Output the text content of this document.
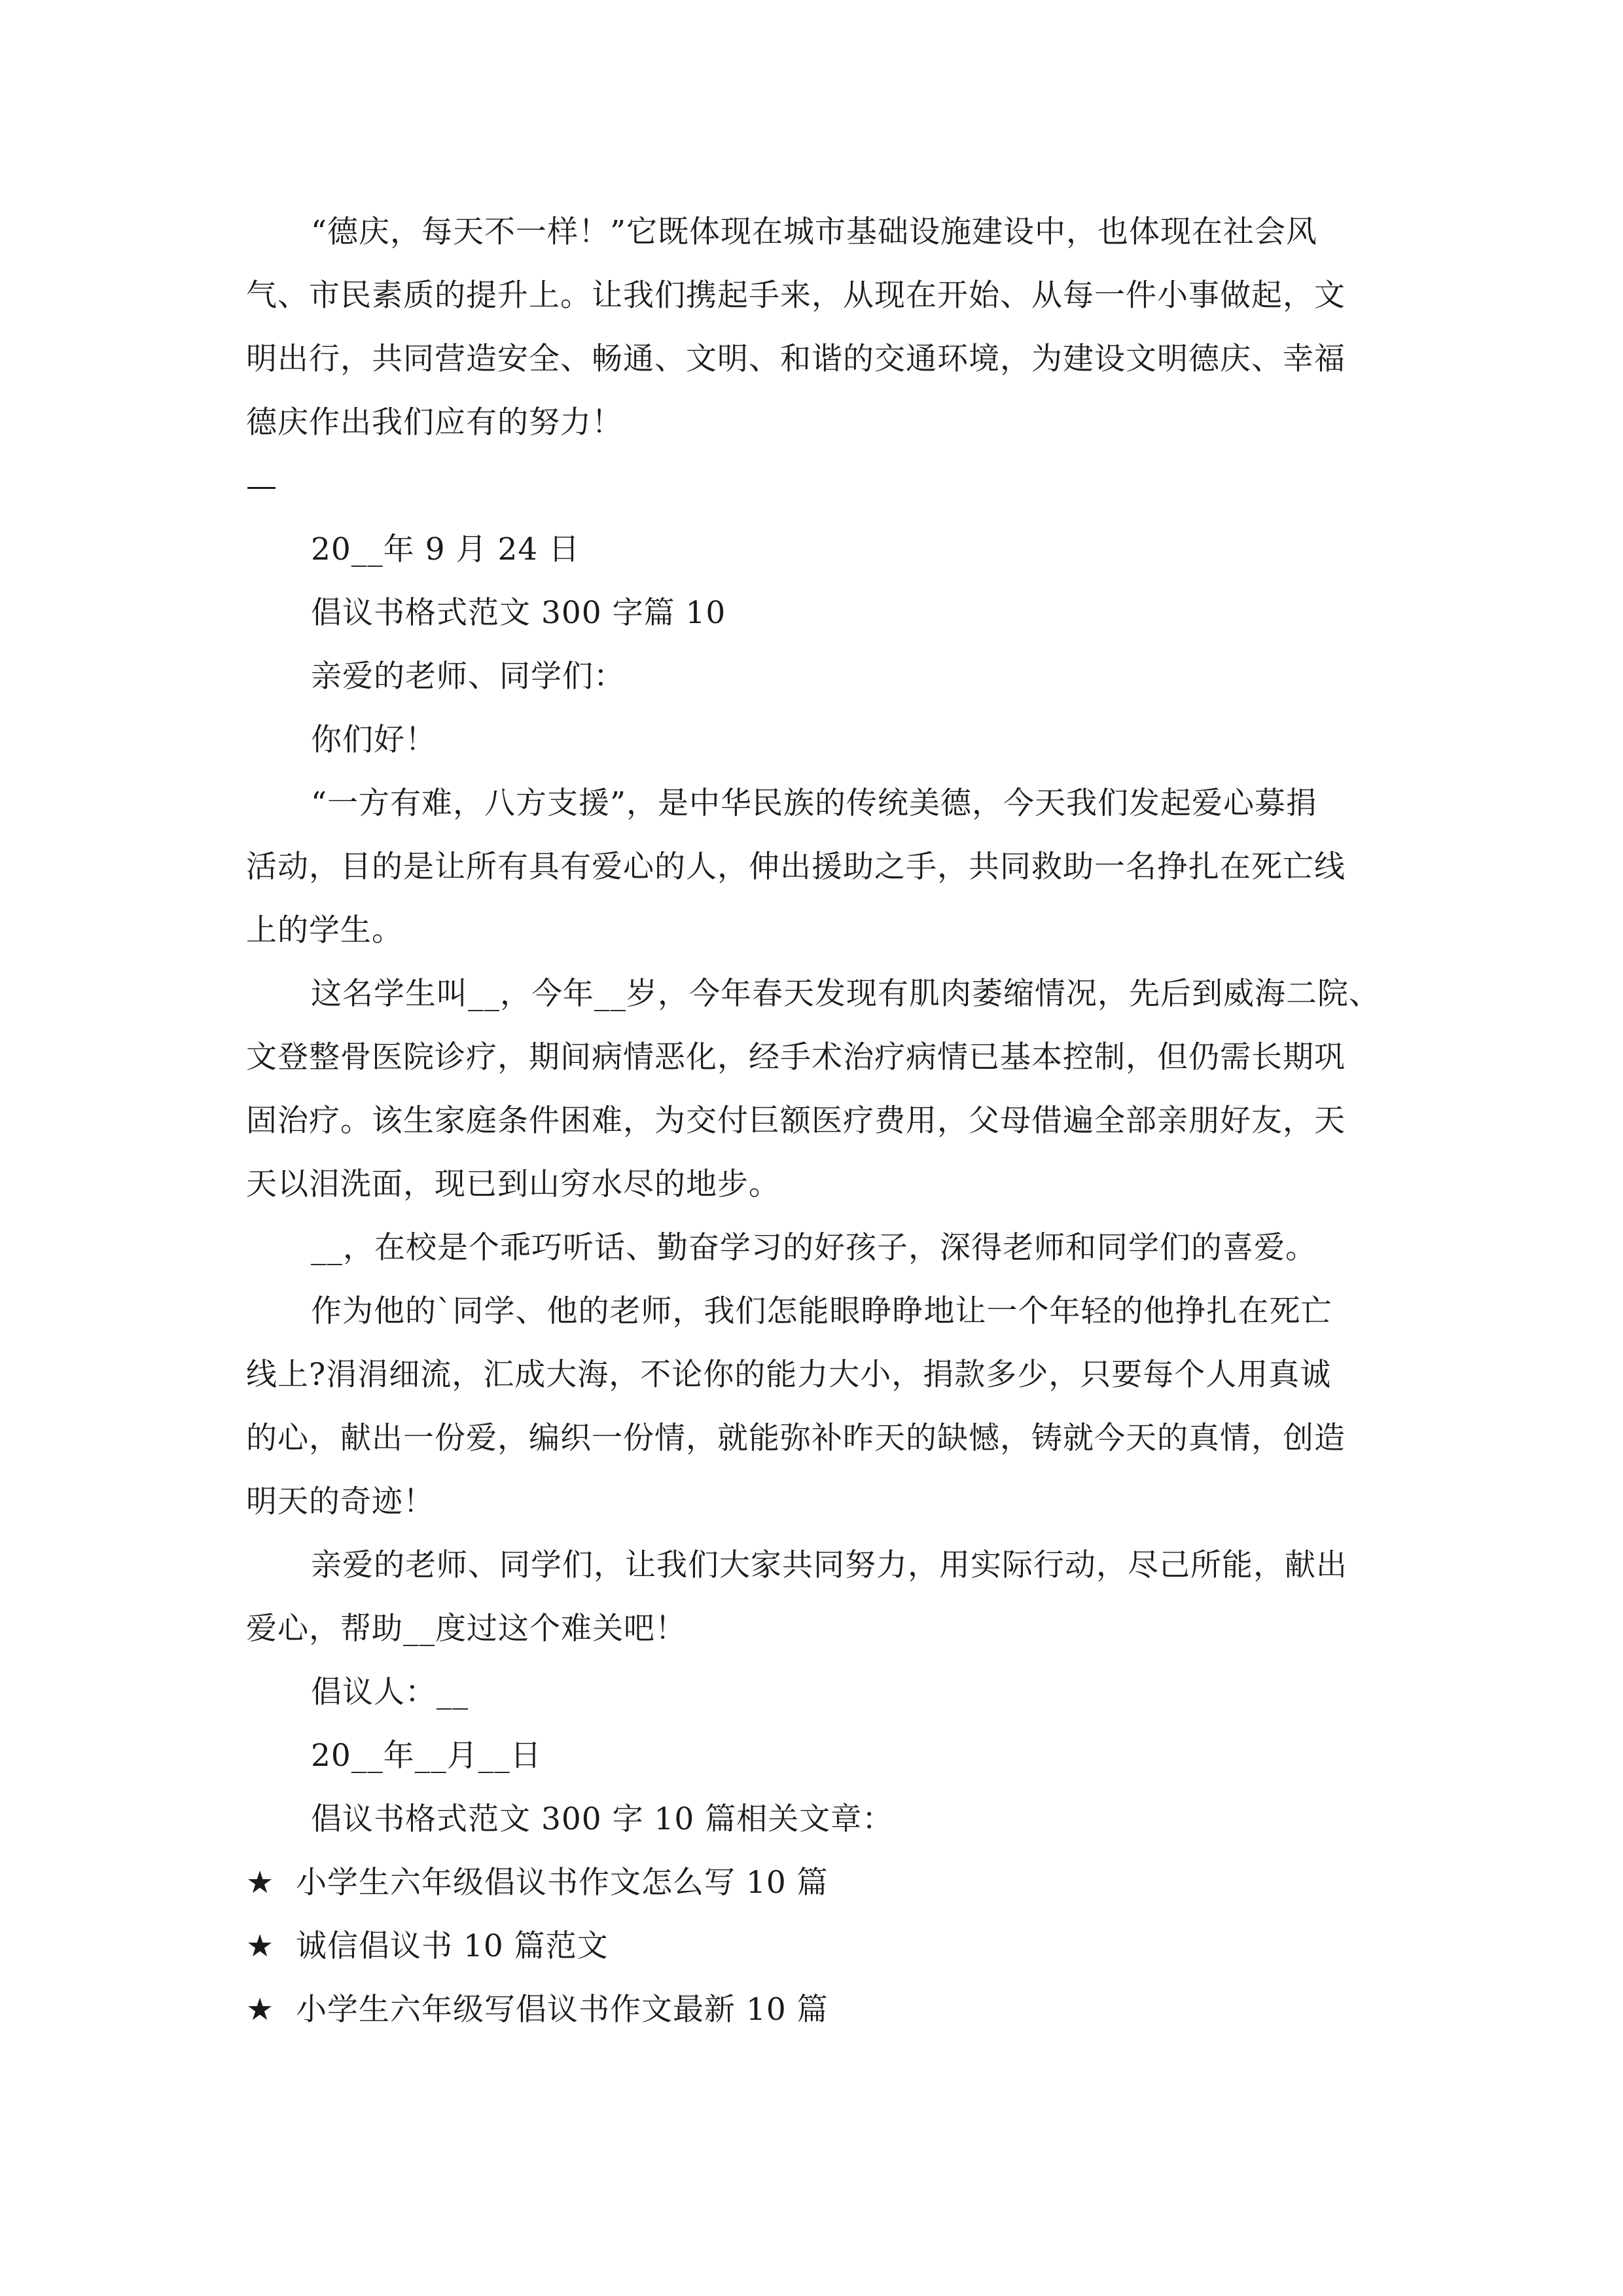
“德庆，每天不一样！”它既体现在城市基础设施建设中，也体现在社会风

气、市民素质的提升上。让我们携起手来，从现在开始、从每一件小事做起，文

明出行，共同营造安全、畅通、文明、和谐的交通环境，为建设文明德庆、幸福

德庆作出我们应有的努力！

—

20__年 9 月 24 日

倡议书格式范文 300 字篇 10

亲爱的老师、同学们：

你们好！

“一方有难，八方支援”，是中华民族的传统美德，今天我们发起爱心募捐

活动，目的是让所有具有爱心的人，伸出援助之手，共同救助一名挣扎在死亡线

上的学生。

这名学生叫__，今年__岁，今年春天发现有肌肉萎缩情况，先后到威海二院、

文登整骨医院诊疗，期间病情恶化，经手术治疗病情已基本控制，但仍需长期巩

固治疗。该生家庭条件困难，为交付巨额医疗费用，父母借遍全部亲朋好友，天

天以泪洗面，现已到山穷水尽的地步。

__，在校是个乖巧听话、勤奋学习的好孩子，深得老师和同学们的喜爱。

作为他的`同学、他的老师，我们怎能眼睁睁地让一个年轻的他挣扎在死亡

线上?涓涓细流，汇成大海，不论你的能力大小，捐款多少，只要每个人用真诚

的心，献出一份爱，编织一份情，就能弥补昨天的缺憾，铸就今天的真情，创造

明天的奇迹！

亲爱的老师、同学们，让我们大家共同努力，用实际行动，尽己所能，献出

爱心，帮助__度过这个难关吧！

倡议人：__

20__年__月__日

倡议书格式范文 300 字 10 篇相关文章：

★ 小学生六年级倡议书作文怎么写 10 篇

★ 诚信倡议书 10 篇范文

★ 小学生六年级写倡议书作文最新 10 篇
